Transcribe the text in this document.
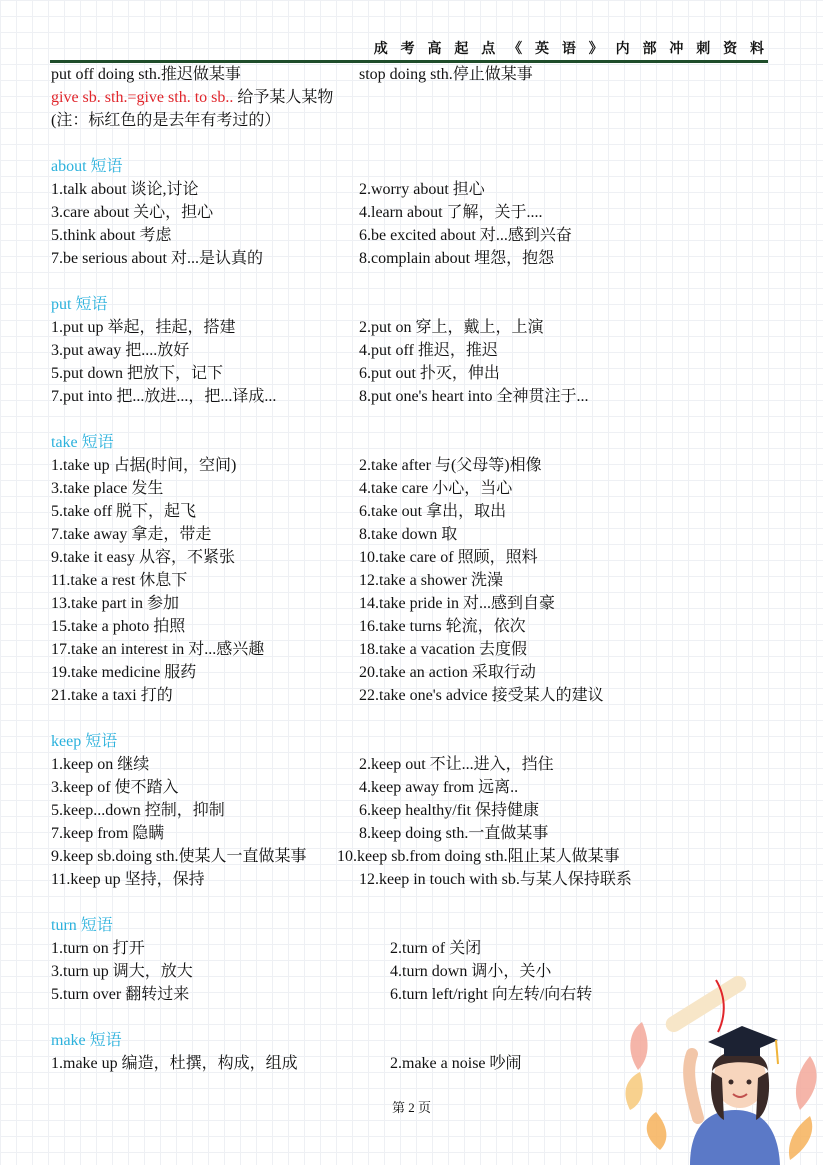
成 考 高 起 点 《 英 语 》 内 部 冲 刺 资 料
put off doing sth.推迟做某事	stop doing sth.停止做某事
give sb. sth.=give sth. to sb.. 给予某人某物
(注：标红色的是去年有考过的）
about 短语
1.talk about 谈论,讨论	2.worry about 担心
3.care about 关心，担心	4.learn about 了解，关于....
5.think about 考虑	6.be excited about 对...感到兴奋
7.be serious about 对...是认真的	8.complain about 埋怨，抱怨
put 短语
1.put up 举起，挂起，搭建	2.put on 穿上，戴上，上演
3.put away 把....放好	4.put off 推迟，推迟
5.put down 把放下，记下	6.put out 扑灭，伸出
7.put into 把...放进...，把...译成...	8.put one's heart into 全神贯注于...
take 短语
1.take up 占据(时间，空间)	2.take after 与(父母等)相像
3.take place 发生	4.take care 小心，当心
5.take off 脱下，起飞	6.take out 拿出，取出
7.take away 拿走，带走	8.take down 取
9.take it easy 从容，不紧张	10.take care of 照顾，照料
11.take a rest 休息下	12.take a shower 洗澡
13.take part in 参加	14.take pride in 对...感到自豪
15.take a photo 拍照	16.take turns 轮流，依次
17.take an interest in 对...感兴趣	18.take a vacation 去度假
19.take medicine 服药	20.take an action 采取行动
21.take a taxi 打的	22.take one's advice 接受某人的建议
keep 短语
1.keep on 继续	2.keep out 不让...进入，挡住
3.keep of 使不踏入	4.keep away from 远离..
5.keep...down 控制，抑制	6.keep healthy/fit 保持健康
7.keep from 隐瞒	8.keep doing sth.一直做某事
9.keep sb.doing sth.使某人一直做某事 10.keep sb.from doing sth.阻止某人做某事
11.keep up 坚持，保持	12.keep in touch with sb.与某人保持联系
turn 短语
1.turn on 打开	2.turn of 关闭
3.turn up 调大，放大	4.turn down 调小，关小
5.turn over 翻转过来	6.turn left/right 向左转/向右转
make 短语
1.make up 编造，杜撰，构成，组成	2.make a noise 吵闹
第 2 页
